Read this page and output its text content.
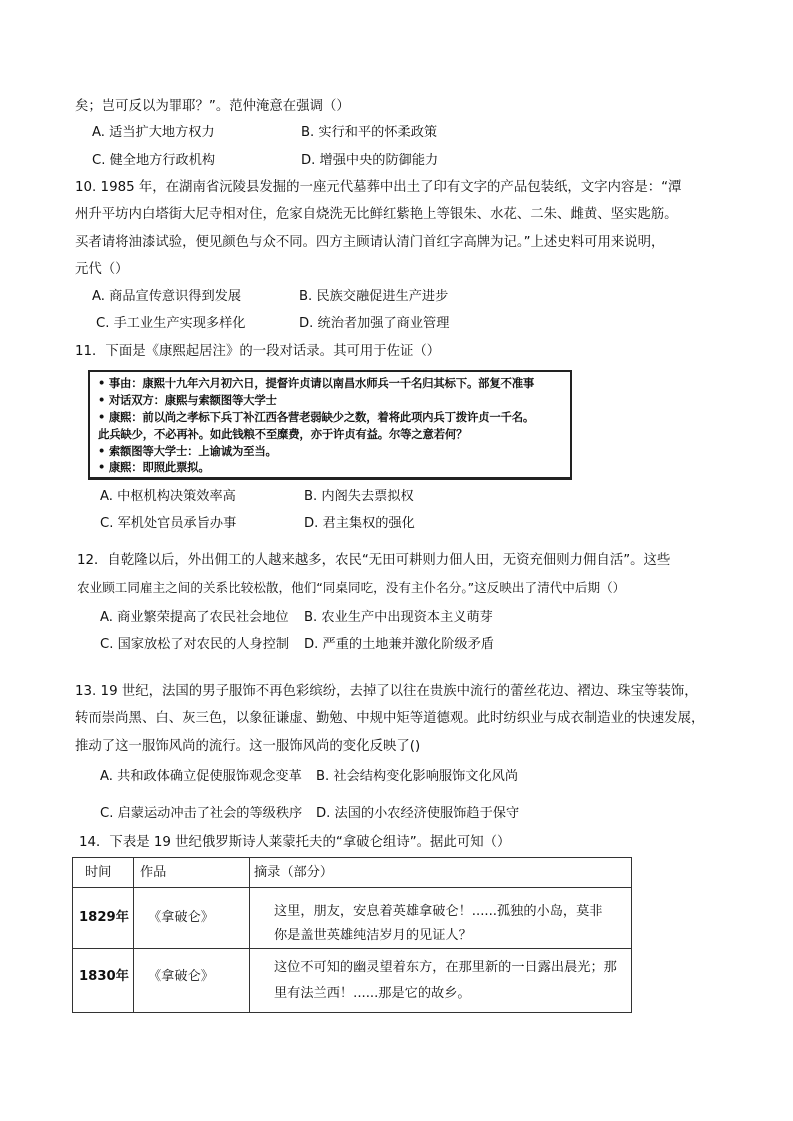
矣；岂可反以为罪耶？”。范仲淹意在强调（）
A. 适当扩大地方权力	B. 实行和平的怀柔政策
C. 健全地方行政机构	D. 增强中央的防御能力
10. 1985 年，在湖南省沅陵县发掘的一座元代墓葬中出土了印有文字的产品包装纸，文字内容是：“潭
州升平坊内白塔街大尼寺相对住，危家自烧洗无比鲜红紫艳上等银朱、水花、二朱、雌黄、坚实匙筋。
买者请将油漆试验，便见颜色与众不同。四方主顾请认清门首红字高牌为记。”上述史料可用来说明，
元代（）
A. 商品宣传意识得到发展	B. 民族交融促进生产进步
C. 手工业生产实现多样化	D. 统治者加强了商业管理
11．下面是《康熙起居注》的一段对话录。其可用于佐证（）
• 事由：康熙十九年六月初六日，提督许贞请以南昌水师兵一千名归其标下。部复不准事
• 对话双方：康熙与索额图等大学士
• 康熙：前以尚之孝标下兵丁补江西各营老弱缺少之数，着将此项内兵丁拨许贞一千名。
此兵缺少，不必再补。如此钱粮不至糜费，亦于许贞有益。尔等之意若何？
• 索额图等大学士：上谕诚为至当。
• 康熙：即照此票拟。
A. 中枢机构决策效率高	B. 内阁失去票拟权
C. 军机处官员承旨办事	D. 君主集权的强化
12．自乾隆以后，外出佣工的人越来越多，农民“无田可耕则力佃人田，无资充佃则力佣自活”。这些
农业顾工同雇主之间的关系比较松散，他们“同桌同吃，没有主仆名分。”这反映出了清代中后期（）
A. 商业繁荣提高了农民社会地位 B. 农业生产中出现资本主义萌芽
C. 国家放松了对农民的人身控制 D. 严重的土地兼并激化阶级矛盾
13. 19 世纪，法国的男子服饰不再色彩缤纷，去掉了以往在贵族中流行的蕾丝花边、褶边、珠宝等装饰，
转而崇尚黑、白、灰三色，以象征谦虚、勤勉、中规中矩等道德观。此时纺织业与成衣制造业的快速发展，
推动了这一服饰风尚的流行。这一服饰风尚的变化反映了()
A. 共和政体确立促使服饰观念变革 B. 社会结构变化影响服饰文化风尚
C. 启蒙运动冲击了社会的等级秩序 D. 法国的小农经济使服饰趋于保守
14．下表是 19 世纪俄罗斯诗人莱蒙托夫的“拿破仑组诗”。据此可知（）
时间	作品	摘录（部分）

1829年	《拿破仑》	这里，朋友，安息着英雄拿破仑！......孤独的小岛，莫非
你是盖世英雄纯洁岁月的见证人？

1830年	《拿破仑》	这位不可知的幽灵望着东方，在那里新的一日露出晨光；那
里有法兰西！......那是它的故乡。
